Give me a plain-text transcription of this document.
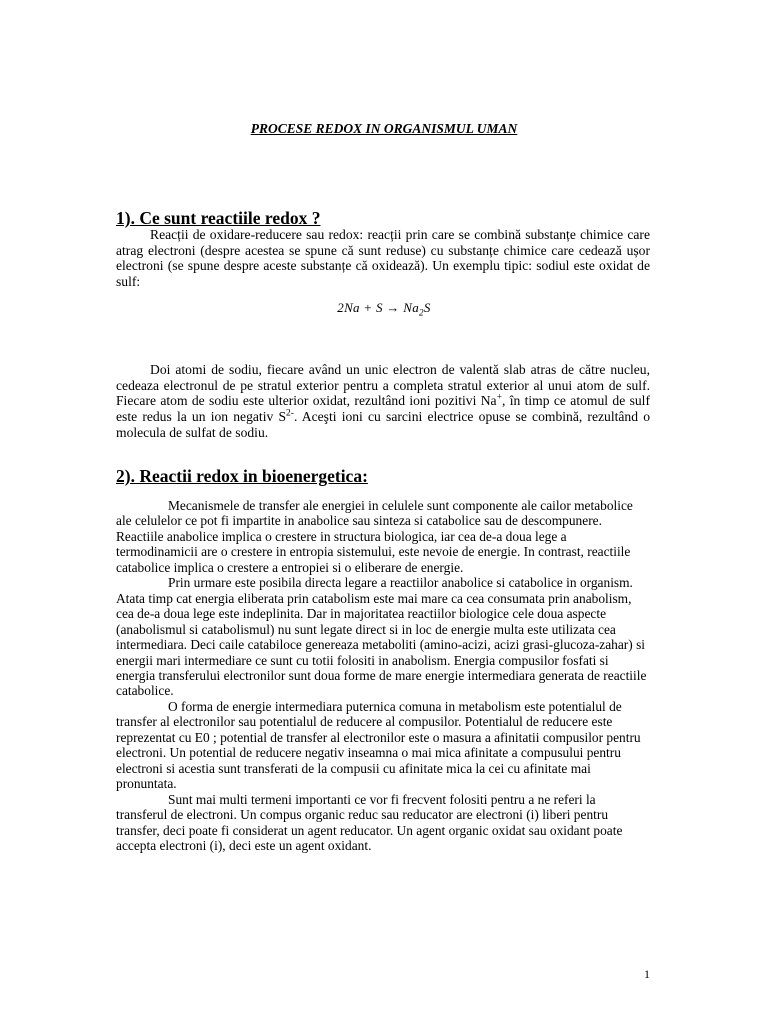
PROCESE REDOX IN ORGANISMUL UMAN
1). Ce sunt reactiile redox ?

Reacții de oxidare-reducere sau redox: reacții prin care se combină substanțe chimice care atrag electroni (despre acestea se spune că sunt reduse) cu substanțe chimice care cedează ușor electroni (se spune despre aceste substanțe că oxidează). Un exemplu tipic: sodiul este oxidat de sulf:

$2Na + S \to Na_2S$

Doi atomi de sodiu, fiecare având un unic electron de valentă slab atras de către nucleu, cedeaza electronul de pe stratul exterior pentru a completa stratul exterior al unui atom de sulf. Fiecare atom de sodiu este ulterior oxidat, rezultând ioni pozitivi Na+, în timp ce atomul de sulf este redus la un ion negativ $S^{2-}$. Aceşti ioni cu sarcini electrice opuse se combină, rezultând o molecula de sulfat de sodiu.

2). Reactii redox in bioenergetica:

Mecanismele de transfer ale energiei in celulele sunt componente ale cailor metabolice ale celulelor ce pot fi impartite in anabolice sau sinteza si catabolice sau de descompunere. Reactiile anabolice implica o crestere in structura biologica, iar cea de-a doua lege a termodinamicii are o crestere in entropia sistemului, este nevoie de energie. In contrast, reactiile catabolice implica o crestere a entropiei si o eliberare de energie.

Prin urmare este posibila directa legare a reactiilor anabolice si catabolice in organism. Atata timp cat energia eliberata prin catabolism este mai mare ca cea consumata prin anabolism, cea de-a doua lege este indeplinita. Dar in majoritatea reactiilor biologice cele doua aspecte (anabolismul si catabolismul) nu sunt legate direct si in loc de energie multa este utilizata cea intermediara. Deci caile catabiloce genereaza metaboliti (amino-acizi, acizi grasi-glucoza-zahar) si energii mari intermediare ce sunt cu totii folositi in anabolism. Energia compusilor fosfati si energia transferului electronilor sunt doua forme de mare energie intermediara generata de reactiile catabolice.

O forma de energie intermediara puternica comuna in metabolism este potentialul de transfer al electronilor sau potentialul de reducere al compusilor. Potentialul de reducere este reprezentat cu E0 ; potential de transfer al electronilor este o masura a afinitatii compusilor pentru electroni. Un potential de reducere negativ inseamna o mai mica afinitate a compusului pentru electroni si acestia sunt transferati de la compusii cu afinitate mica la cei cu afinitate mai pronuntata.

Sunt mai multi termeni importanti ce vor fi frecvent folositi pentru a ne referi la transferul de electroni. Un compus organic reduc sau reducator are electroni (i) liberi pentru transfer, deci poate fi considerat un agent reducator. Un agent organic oxidat sau oxidant poate accepta electroni (i), deci este un agent oxidant.

1
